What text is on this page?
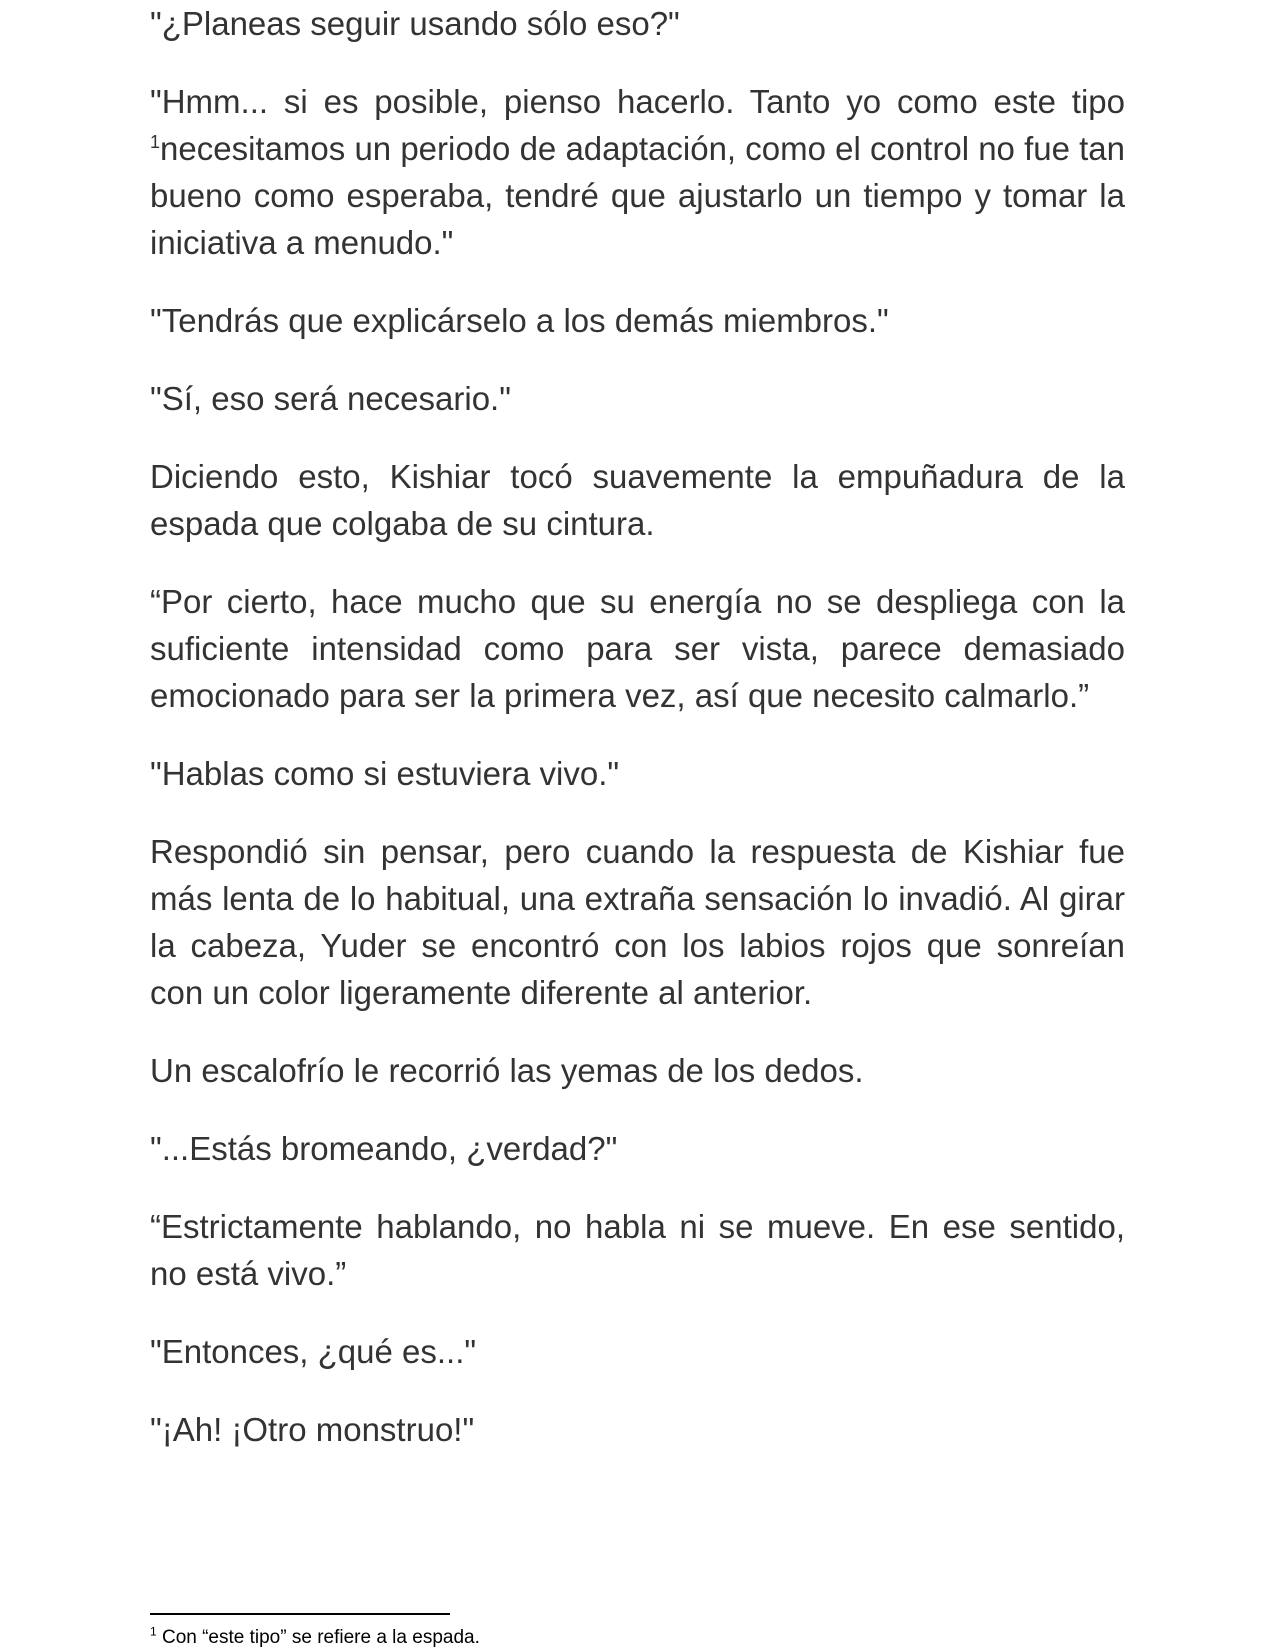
"¿Planeas seguir usando sólo eso?"

"Hmm... si es posible, pienso hacerlo. Tanto yo como este tipo $^1$necesitamos un periodo de adaptación, como el control no fue tan bueno como esperaba, tendré que ajustarlo un tiempo y tomar la iniciativa a menudo."

"Tendrás que explicárselo a los demás miembros."

"Sí, eso será necesario."

Diciendo esto, Kishiar tocó suavemente la empuñadura de la espada que colgaba de su cintura.

“Por cierto, hace mucho que su energía no se despliega con la suficiente intensidad como para ser vista, parece demasiado emocionado para ser la primera vez, así que necesito calmarlo.”

"Hablas como si estuviera vivo."

Respondió sin pensar, pero cuando la respuesta de Kishiar fue más lenta de lo habitual, una extraña sensación lo invadió. Al girar la cabeza, Yuder se encontró con los labios rojos que sonreían con un color ligeramente diferente al anterior.

Un escalofrío le recorrió las yemas de los dedos.

"...Estás bromeando, ¿verdad?"

“Estrictamente hablando, no habla ni se mueve. En ese sentido, no está vivo.”

"Entonces, ¿qué es..."

"¡Ah! ¡Otro monstruo!"

$^1$ Con “este tipo” se refiere a la espada.
